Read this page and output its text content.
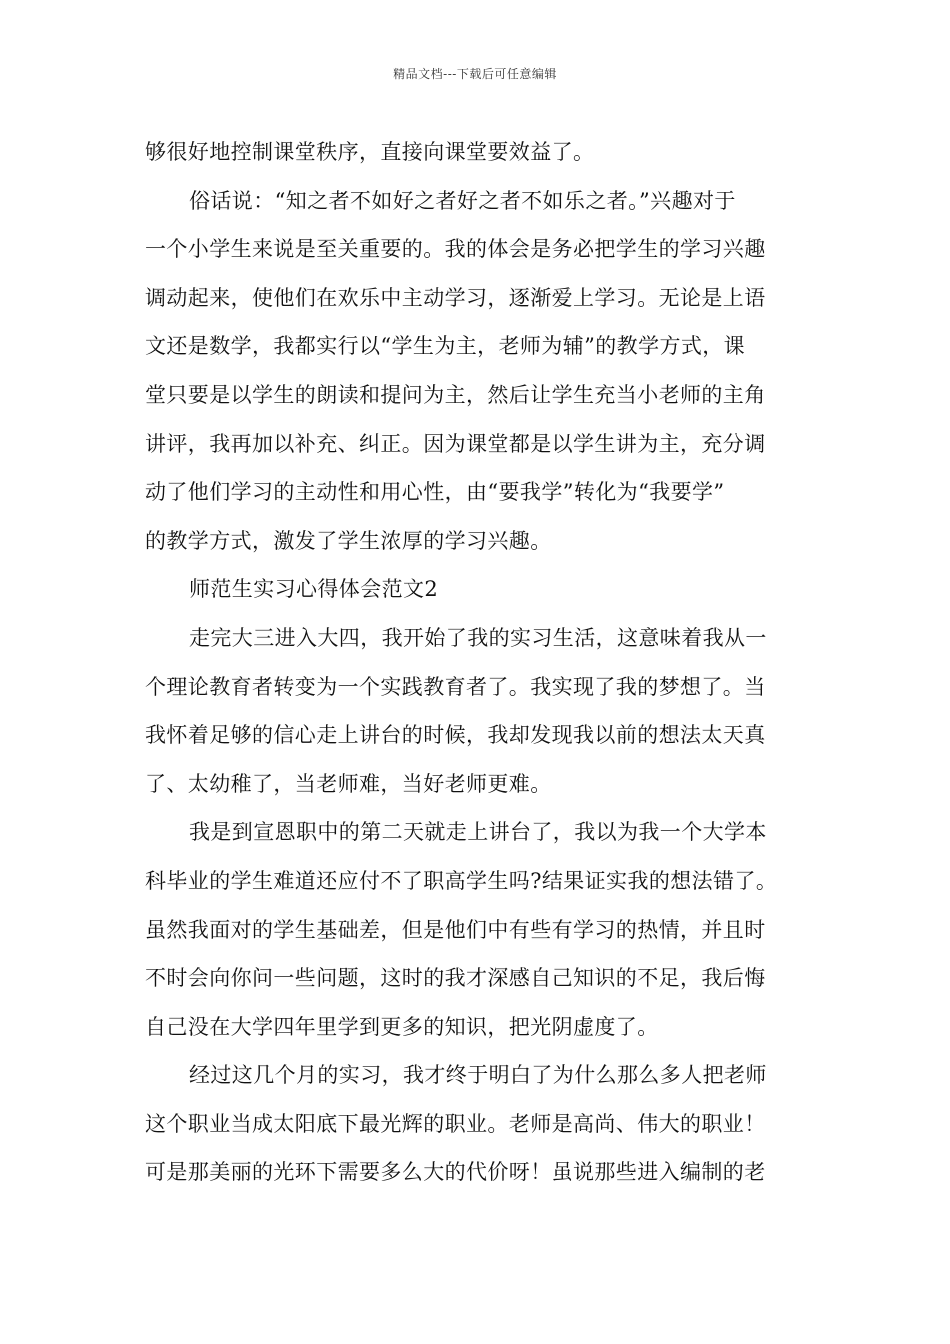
精品文档---下载后可任意编辑
够很好地控制课堂秩序，直接向课堂要效益了。
俗话说：“知之者不如好之者好之者不如乐之者。”兴趣对于
一个小学生来说是至关重要的。我的体会是务必把学生的学习兴趣
调动起来，使他们在欢乐中主动学习，逐渐爱上学习。无论是上语
文还是数学，我都实行以“学生为主，老师为辅”的教学方式，课
堂只要是以学生的朗读和提问为主，然后让学生充当小老师的主角
讲评，我再加以补充、纠正。因为课堂都是以学生讲为主，充分调
动了他们学习的主动性和用心性，由“要我学”转化为“我要学”
的教学方式，激发了学生浓厚的学习兴趣。
师范生实习心得体会范文2
走完大三进入大四，我开始了我的实习生活，这意味着我从一
个理论教育者转变为一个实践教育者了。我实现了我的梦想了。当
我怀着足够的信心走上讲台的时候，我却发现我以前的想法太天真
了、太幼稚了，当老师难，当好老师更难。
我是到宣恩职中的第二天就走上讲台了，我以为我一个大学本
科毕业的学生难道还应付不了职高学生吗?结果证实我的想法错了。
虽然我面对的学生基础差，但是他们中有些有学习的热情，并且时
不时会向你问一些问题，这时的我才深感自己知识的不足，我后悔
自己没在大学四年里学到更多的知识，把光阴虚度了。
经过这几个月的实习，我才终于明白了为什么那么多人把老师
这个职业当成太阳底下最光辉的职业。老师是高尚、伟大的职业！
可是那美丽的光环下需要多么大的代价呀！虽说那些进入编制的老
